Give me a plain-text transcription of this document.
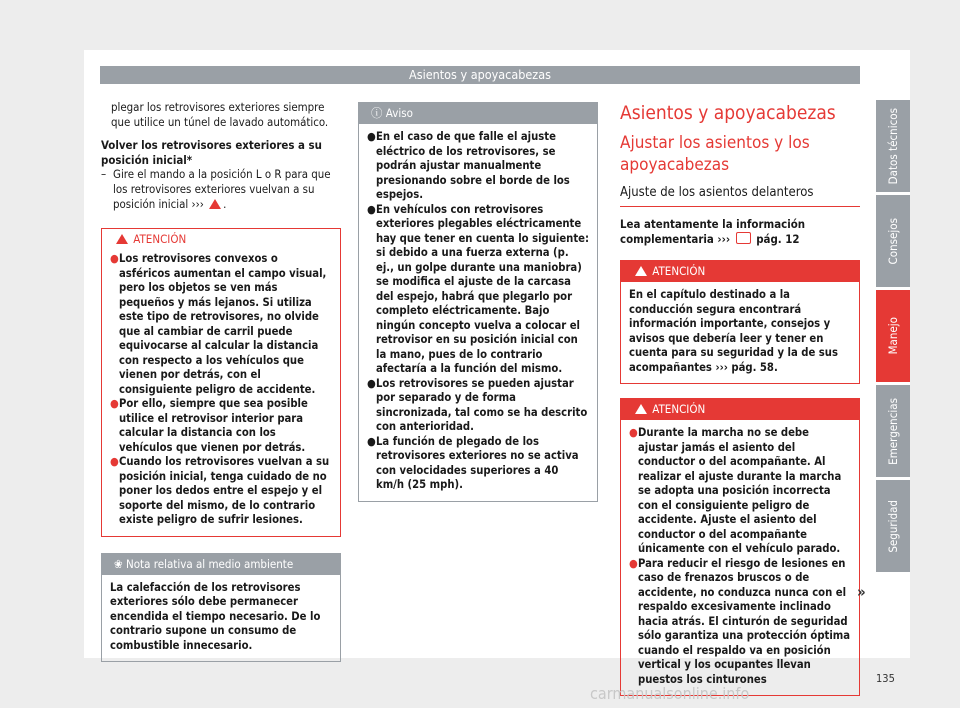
Asientos y apoyacabezas

plegar los retrovisores exteriores siempre que utilice un túnel de lavado automático.

Volver los retrovisores exteriores a su posición inicial*

– Gire el mando a la posición L o R para que los retrovisores exteriores vuelvan a su posición inicial ››› .
ATENCIÓN
● Los retrovisores convexos o asféricos aumentan el campo visual, pero los objetos se ven más pequeños y más lejanos. Si utiliza este tipo de retrovisores, no olvide que al cambiar de carril puede equivocarse al calcular la distancia con respecto a los vehículos que vienen por detrás, con el consiguiente peligro de accidente.
● Por ello, siempre que sea posible utilice el retrovisor interior para calcular la distancia con los vehículos que vienen por detrás.
● Cuando los retrovisores vuelvan a su posición inicial, tenga cuidado de no poner los dedos entre el espejo y el soporte del mismo, de lo contrario existe peligro de sufrir lesiones.
❀ Nota relativa al medio ambiente
La calefacción de los retrovisores exteriores sólo debe permanecer encendida el tiempo necesario. De lo contrario supone un consumo de combustible innecesario.
ⓘ Aviso
● En el caso de que falle el ajuste eléctrico de los retrovisores, se podrán ajustar manualmente presionando sobre el borde de los espejos.
● En vehículos con retrovisores exteriores plegables eléctricamente hay que tener en cuenta lo siguiente: si debido a una fuerza externa (p. ej., un golpe durante una maniobra) se modifica el ajuste de la carcasa del espejo, habrá que plegarlo por completo eléctricamente. Bajo ningún concepto vuelva a colocar el retrovisor en su posición inicial con la mano, pues de lo contrario afectaría a la función del mismo.
● Los retrovisores se pueden ajustar por separado y de forma sincronizada, tal como se ha descrito con anterioridad.
● La función de plegado de los retrovisores exteriores no se activa con velocidades superiores a 40 km/h (25 mph).
Asientos y apoyacabezas
Ajustar los asientos y los apoyacabezas
Ajuste de los asientos delanteros

Lea atentamente la información complementaria ››› pág. 12

ATENCIÓN
En el capítulo destinado a la conducción segura encontrará información importante, consejos y avisos que debería leer y tener en cuenta para su seguridad y la de sus acompañantes ››› pág. 58.
ATENCIÓN
● Durante la marcha no se debe ajustar jamás el asiento del conductor o del acompañante. Al realizar el ajuste durante la marcha se adopta una posición incorrecta con el consiguiente peligro de accidente. Ajuste el asiento del conductor o del acompañante únicamente con el vehículo parado.
● Para reducir el riesgo de lesiones en caso de frenazos bruscos o de accidente, no conduzca nunca con el respaldo excesivamente inclinado hacia atrás. El cinturón de seguridad sólo garantiza una protección óptima cuando el respaldo va en posición vertical y los ocupantes llevan puestos los cinturones
»
Datos técnicos
Consejos
Manejo
Emergencias
Seguridad
135
carmanualsonline.info
